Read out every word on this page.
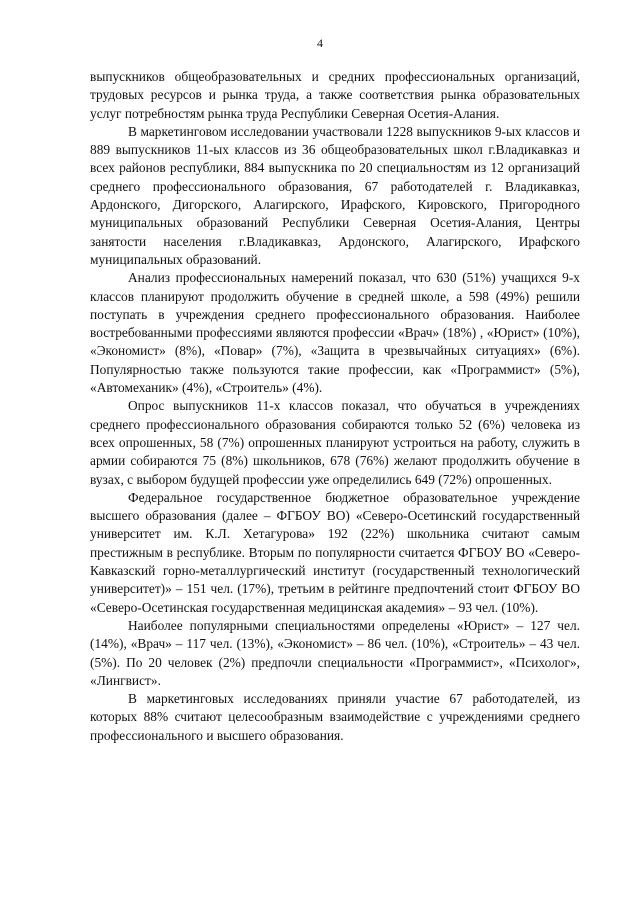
4

выпускников общеобразовательных и средних профессиональных организаций, трудовых ресурсов и рынка труда, а также соответствия рынка образовательных услуг потребностям рынка труда Республики Северная Осетия-Алания.

В маркетинговом исследовании участвовали 1228 выпускников 9-ых классов и 889 выпускников 11-ых классов из 36 общеобразовательных школ г.Владикавказ и всех районов республики, 884 выпускника по 20 специальностям из 12 организаций среднего профессионального образования, 67 работодателей г. Владикавказ, Ардонского, Дигорского, Алагирского, Ирафского, Кировского, Пригородного муниципальных образований Республики Северная Осетия-Алания, Центры занятости населения г.Владикавказ, Ардонского, Алагирского, Ирафского муниципальных образований.

Анализ профессиональных намерений показал, что 630 (51%) учащихся 9-х классов планируют продолжить обучение в средней школе, а 598 (49%) решили поступать в учреждения среднего профессионального образования. Наиболее востребованными профессиями являются профессии «Врач» (18%) , «Юрист» (10%), «Экономист» (8%), «Повар» (7%), «Защита в чрезвычайных ситуациях» (6%). Популярностью также пользуются такие профессии, как «Программист» (5%), «Автомеханик» (4%), «Строитель» (4%).

Опрос выпускников 11-х классов показал, что обучаться в учреждениях среднего профессионального образования собираются только 52 (6%) человека из всех опрошенных, 58 (7%) опрошенных планируют устроиться на работу, служить в армии собираются 75 (8%) школьников, 678 (76%) желают продолжить обучение в вузах, с выбором будущей профессии уже определились 649 (72%) опрошенных.

Федеральное государственное бюджетное образовательное учреждение высшего образования (далее – ФГБОУ ВО) «Северо-Осетинский государственный университет им. К.Л. Хетагурова» 192 (22%) школьника считают самым престижным в республике. Вторым по популярности считается ФГБОУ ВО «Северо-Кавказский горно-металлургический институт (государственный технологический университет)» – 151 чел. (17%), третьим в рейтинге предпочтений стоит ФГБОУ ВО «Северо-Осетинская государственная медицинская академия» – 93 чел. (10%).

Наиболее популярными специальностями определены «Юрист» – 127 чел. (14%), «Врач» – 117 чел. (13%), «Экономист» – 86 чел. (10%), «Строитель» – 43 чел. (5%). По 20 человек (2%) предпочли специальности «Программист», «Психолог», «Лингвист».

В маркетинговых исследованиях приняли участие 67 работодателей, из которых 88% считают целесообразным взаимодействие с учреждениями среднего профессионального и высшего образования.
